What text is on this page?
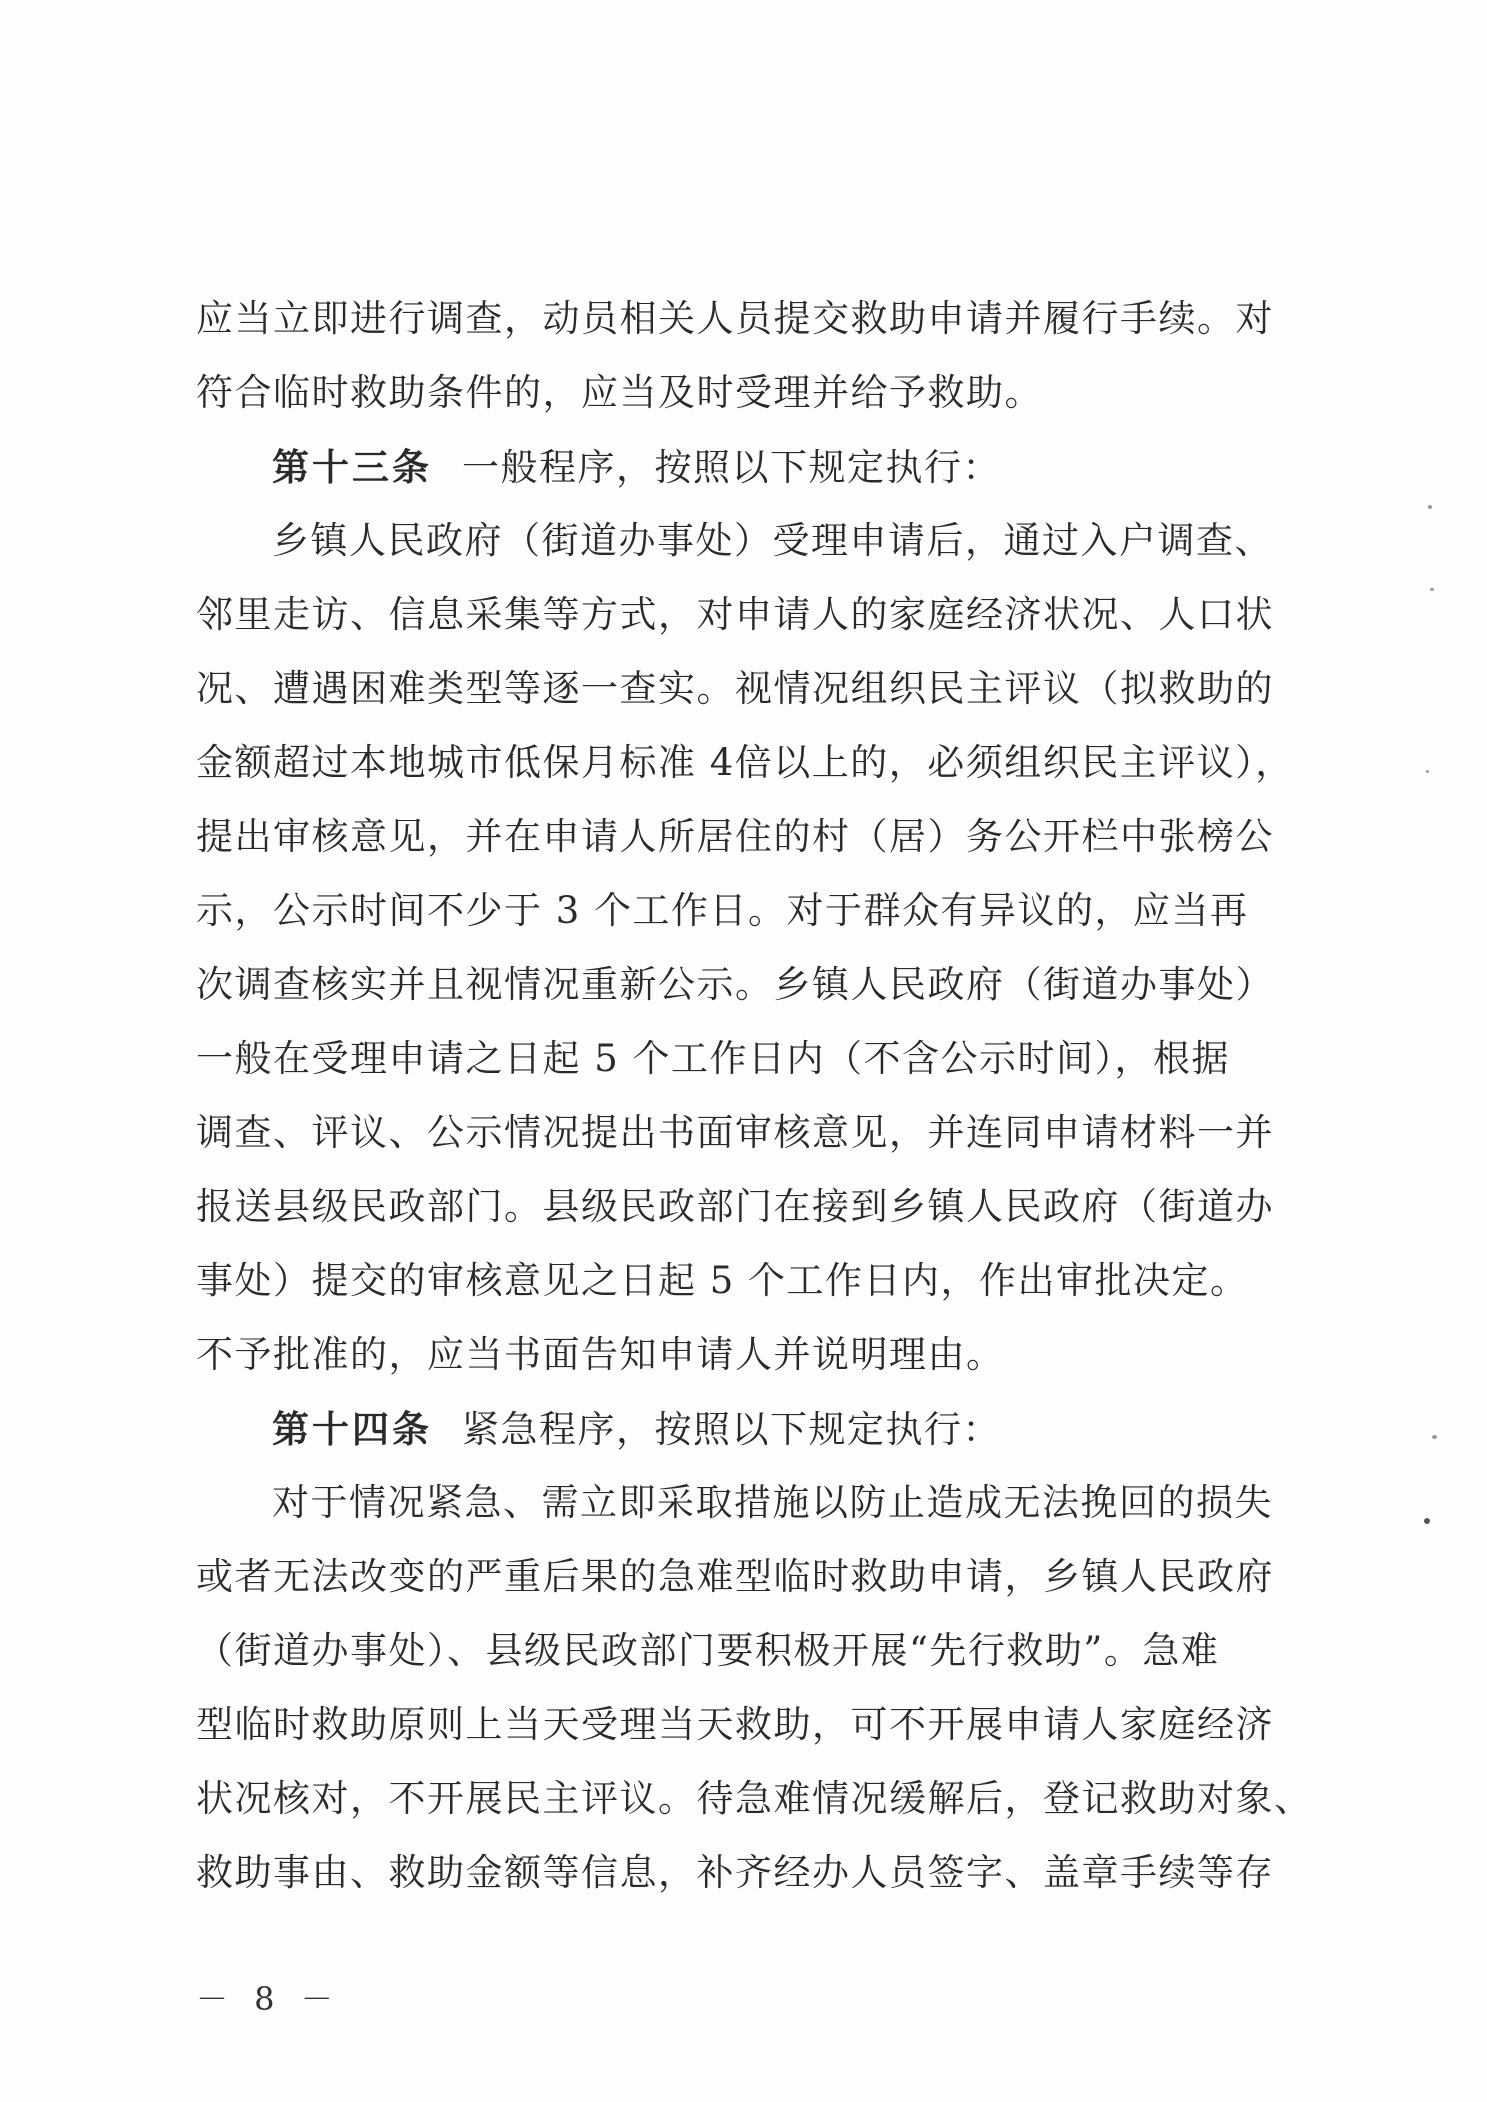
应当立即进行调查，动员相关人员提交救助申请并履行手续。对
符合临时救助条件的，应当及时受理并给予救助。
第十三条 一般程序，按照以下规定执行：
乡镇人民政府（街道办事处）受理申请后，通过入户调查、
邻里走访、信息采集等方式，对申请人的家庭经济状况、人口状
况、遭遇困难类型等逐一查实。视情况组织民主评议（拟救助的
金额超过本地城市低保月标准 4倍以上的，必须组织民主评议），
提出审核意见，并在申请人所居住的村（居）务公开栏中张榜公
示，公示时间不少于 3 个工作日。对于群众有异议的，应当再
次调查核实并且视情况重新公示。乡镇人民政府（街道办事处）
一般在受理申请之日起 5 个工作日内（不含公示时间），根据
调查、评议、公示情况提出书面审核意见，并连同申请材料一并
报送县级民政部门。县级民政部门在接到乡镇人民政府（街道办
事处）提交的审核意见之日起 5 个工作日内，作出审批决定。
不予批准的，应当书面告知申请人并说明理由。
第十四条 紧急程序，按照以下规定执行：
对于情况紧急、需立即采取措施以防止造成无法挽回的损失
或者无法改变的严重后果的急难型临时救助申请，乡镇人民政府
（街道办事处）、县级民政部门要积极开展“先行救助”。急难
型临时救助原则上当天受理当天救助，可不开展申请人家庭经济
状况核对，不开展民主评议。待急难情况缓解后，登记救助对象、
救助事由、救助金额等信息，补齐经办人员签字、盖章手续等存
－ 8 －
